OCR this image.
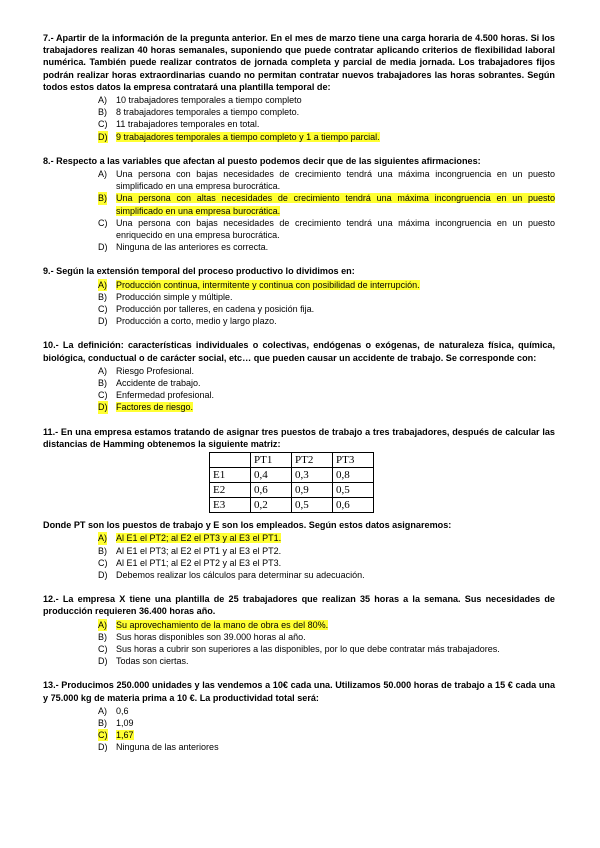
7.- Apartir de la información de la pregunta anterior. En el mes de marzo tiene una carga horaria de 4.500 horas. Si los trabajadores realizan 40 horas semanales, suponiendo que puede contratar aplicando criterios de flexibilidad laboral numérica. También puede realizar contratos de jornada completa y parcial de media jornada. Los trabajadores fijos podrán realizar horas extraordinarias cuando no permitan contratar nuevos trabajadores las horas sobrantes. Según todos estos datos la empresa contratará una plantilla temporal de:
A) 10 trabajadores temporales a tiempo completo
B) 8 trabajadores temporales a tiempo completo.
C) 11 trabajadores temporales en total.
D) 9 trabajadores temporales a tiempo completo y 1 a tiempo parcial.
8.- Respecto a las variables que afectan al puesto podemos decir que de las siguientes afirmaciones:
A) Una persona con bajas necesidades de crecimiento tendrá una máxima incongruencia en un puesto simplificado en una empresa burocrática.
B) Una persona con altas necesidades de crecimiento tendrá una máxima incongruencia en un puesto simplificado en una empresa burocrática.
C) Una persona con bajas necesidades de crecimiento tendrá una máxima incongruencia en un puesto enriquecido en una empresa burocrática.
D) Ninguna de las anteriores es correcta.
9.- Según la extensión temporal del proceso productivo lo dividimos en:
A) Producción continua, intermitente y continua con posibilidad de interrupción.
B) Producción simple y múltiple.
C) Producción por talleres, en cadena y posición fija.
D) Producción a corto, medio y largo plazo.
10.- La definición: características individuales o colectivas, endógenas o exógenas, de naturaleza física, química, biológica, conductual o de carácter social, etc… que pueden causar un accidente de trabajo. Se corresponde con:
A) Riesgo Profesional.
B) Accidente de trabajo.
C) Enfermedad profesional.
D) Factores de riesgo.
11.- En una empresa estamos tratando de asignar tres puestos de trabajo a tres trabajadores, después de calcular las distancias de Hamming obtenemos la siguiente matriz:
	PT1	PT2	PT3
E1	0,4	0,3	0,8
E2	0,6	0,9	0,5
E3	0,2	0,5	0,6
Donde PT son los puestos de trabajo y E son los empleados. Según estos datos asignaremos:
A) Al E1 el PT2; al E2 el PT3 y al E3 el PT1.
B) Al E1 el PT3; al E2 el PT1 y al E3 el PT2.
C) Al E1 el PT1; al E2 el PT2 y al E3 el PT3.
D) Debemos realizar los cálculos para determinar su adecuación.
12.- La empresa X tiene una plantilla de 25 trabajadores que realizan 35 horas a la semana. Sus necesidades de producción requieren 36.400 horas año.
A) Su aprovechamiento de la mano de obra es del 80%.
B) Sus horas disponibles son 39.000 horas al año.
C) Sus horas a cubrir son superiores a las disponibles, por lo que debe contratar más trabajadores.
D) Todas son ciertas.
13.- Producimos 250.000 unidades y las vendemos a 10€ cada una. Utilizamos 50.000 horas de trabajo a 15 € cada una y 75.000 kg de materia prima a 10 €. La productividad total será:
A) 0,6
B) 1,09
C) 1,67
D) Ninguna de las anteriores
